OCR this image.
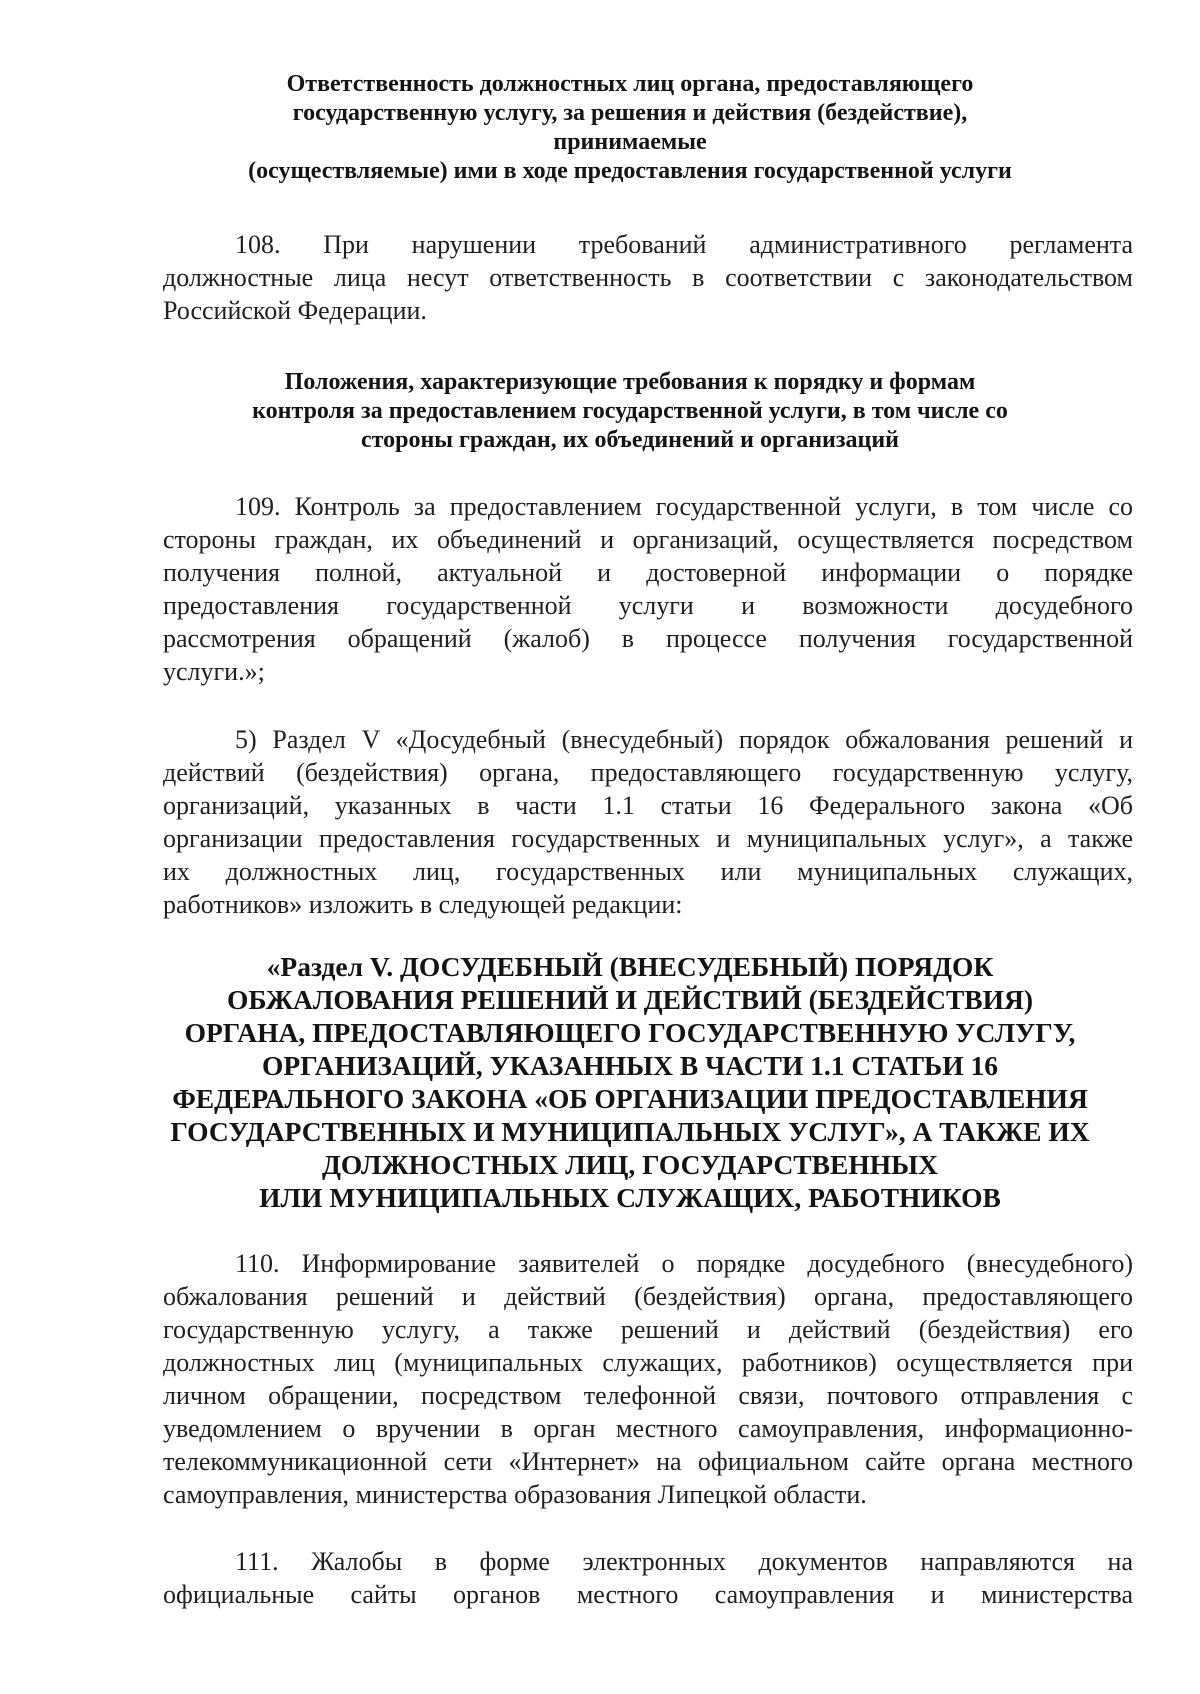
Ответственность должностных лиц органа, предоставляющего
государственную услугу, за решения и действия (бездействие),
принимаемые
(осуществляемые) ими в ходе предоставления государственной услуги
108. При нарушении требований административного регламента
должностные лица несут ответственность в соответствии с законодательством
Российской Федерации.
Положения, характеризующие требования к порядку и формам
контроля за предоставлением государственной услуги, в том числе со
стороны граждан, их объединений и организаций
109. Контроль за предоставлением государственной услуги, в том числе со
стороны граждан, их объединений и организаций, осуществляется посредством
получения полной, актуальной и достоверной информации о порядке
предоставления государственной услуги и возможности досудебного
рассмотрения обращений (жалоб) в процессе получения государственной
услуги.»;
5) Раздел V «Досудебный (внесудебный) порядок обжалования решений и
действий (бездействия) органа, предоставляющего государственную услугу,
организаций, указанных в части 1.1 статьи 16 Федерального закона «Об
организации предоставления государственных и муниципальных услуг», а также
их должностных лиц, государственных или муниципальных служащих,
работников» изложить в следующей редакции:
«Раздел V. ДОСУДЕБНЫЙ (ВНЕСУДЕБНЫЙ) ПОРЯДОК
ОБЖАЛОВАНИЯ РЕШЕНИЙ И ДЕЙСТВИЙ (БЕЗДЕЙСТВИЯ)
ОРГАНА, ПРЕДОСТАВЛЯЮЩЕГО ГОСУДАРСТВЕННУЮ УСЛУГУ,
ОРГАНИЗАЦИЙ, УКАЗАННЫХ В ЧАСТИ 1.1 СТАТЬИ 16
ФЕДЕРАЛЬНОГО ЗАКОНА «ОБ ОРГАНИЗАЦИИ ПРЕДОСТАВЛЕНИЯ
ГОСУДАРСТВЕННЫХ И МУНИЦИПАЛЬНЫХ УСЛУГ», А ТАКЖЕ ИХ
ДОЛЖНОСТНЫХ ЛИЦ, ГОСУДАРСТВЕННЫХ
ИЛИ МУНИЦИПАЛЬНЫХ СЛУЖАЩИХ, РАБОТНИКОВ
110. Информирование заявителей о порядке досудебного (внесудебного)
обжалования решений и действий (бездействия) органа, предоставляющего
государственную услугу, а также решений и действий (бездействия) его
должностных лиц (муниципальных служащих, работников) осуществляется при
личном обращении, посредством телефонной связи, почтового отправления с
уведомлением о вручении в орган местного самоуправления, информационно-
телекоммуникационной сети «Интернет» на официальном сайте органа местного
самоуправления, министерства образования Липецкой области.
111. Жалобы в форме электронных документов направляются на
официальные сайты органов местного самоуправления и министерства
